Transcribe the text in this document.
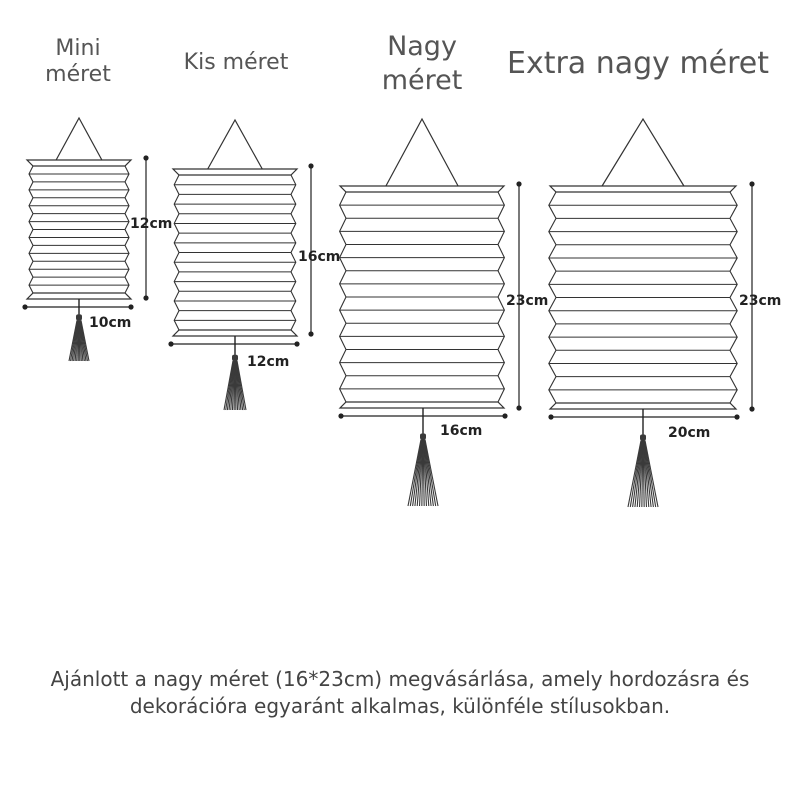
Mini méret	Kis méret
Nagy méret	Extra nagy méret
12cm
10cm
16cm
12cm
23cm
16cm
23cm
20cm
Ajánlott a nagy méret (16*23cm) megvásárlása, amely hordozásra és dekorációra egyaránt alkalmas, különféle stílusokban.
